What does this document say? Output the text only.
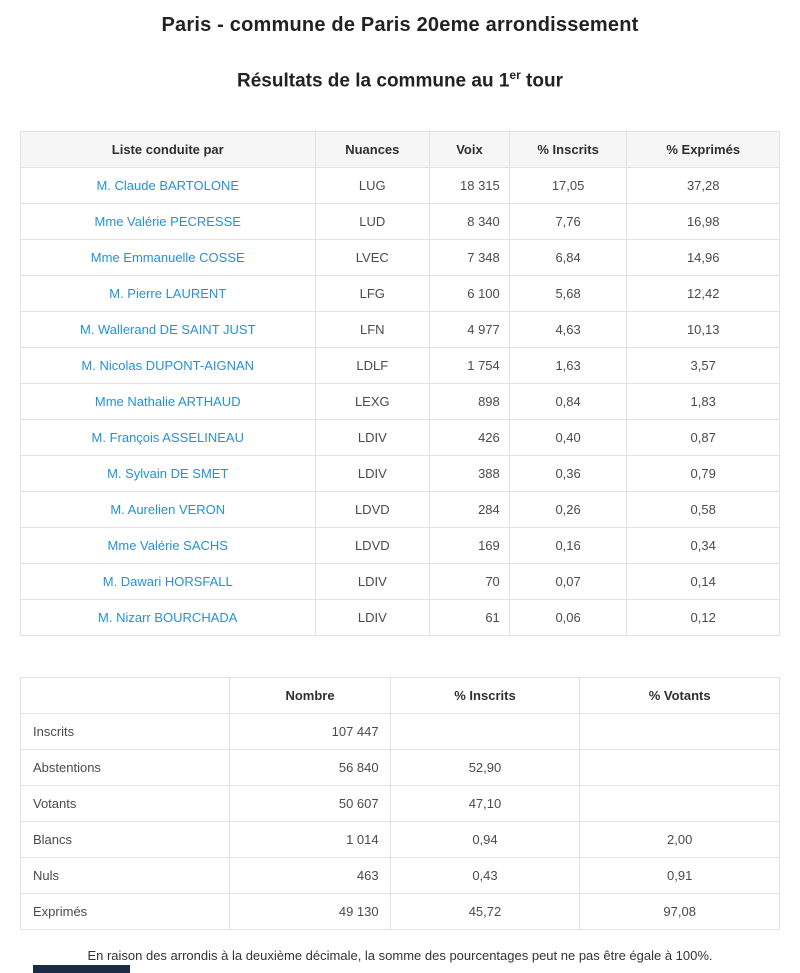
Paris - commune de Paris 20eme arrondissement
Résultats de la commune au 1er tour
Liste conduite par	Nuances	Voix	% Inscrits	% Exprimés
M. Claude BARTOLONE	LUG	18 315	17,05	37,28
Mme Valérie PECRESSE	LUD	8 340	7,76	16,98
Mme Emmanuelle COSSE	LVEC	7 348	6,84	14,96
M. Pierre LAURENT	LFG	6 100	5,68	12,42
M. Wallerand DE SAINT JUST	LFN	4 977	4,63	10,13
M. Nicolas DUPONT-AIGNAN	LDLF	1 754	1,63	3,57
Mme Nathalie ARTHAUD	LEXG	898	0,84	1,83
M. François ASSELINEAU	LDIV	426	0,40	0,87
M. Sylvain DE SMET	LDIV	388	0,36	0,79
M. Aurelien VERON	LDVD	284	0,26	0,58
Mme Valérie SACHS	LDVD	169	0,16	0,34
M. Dawari HORSFALL	LDIV	70	0,07	0,14
M. Nizarr BOURCHADA	LDIV	61	0,06	0,12
	Nombre	% Inscrits	% Votants
Inscrits	107 447		
Abstentions	56 840	52,90	
Votants	50 607	47,10	
Blancs	1 014	0,94	2,00
Nuls	463	0,43	0,91
Exprimés	49 130	45,72	97,08

En raison des arrondis à la deuxième décimale, la somme des pourcentages peut ne pas être égale à 100%.
